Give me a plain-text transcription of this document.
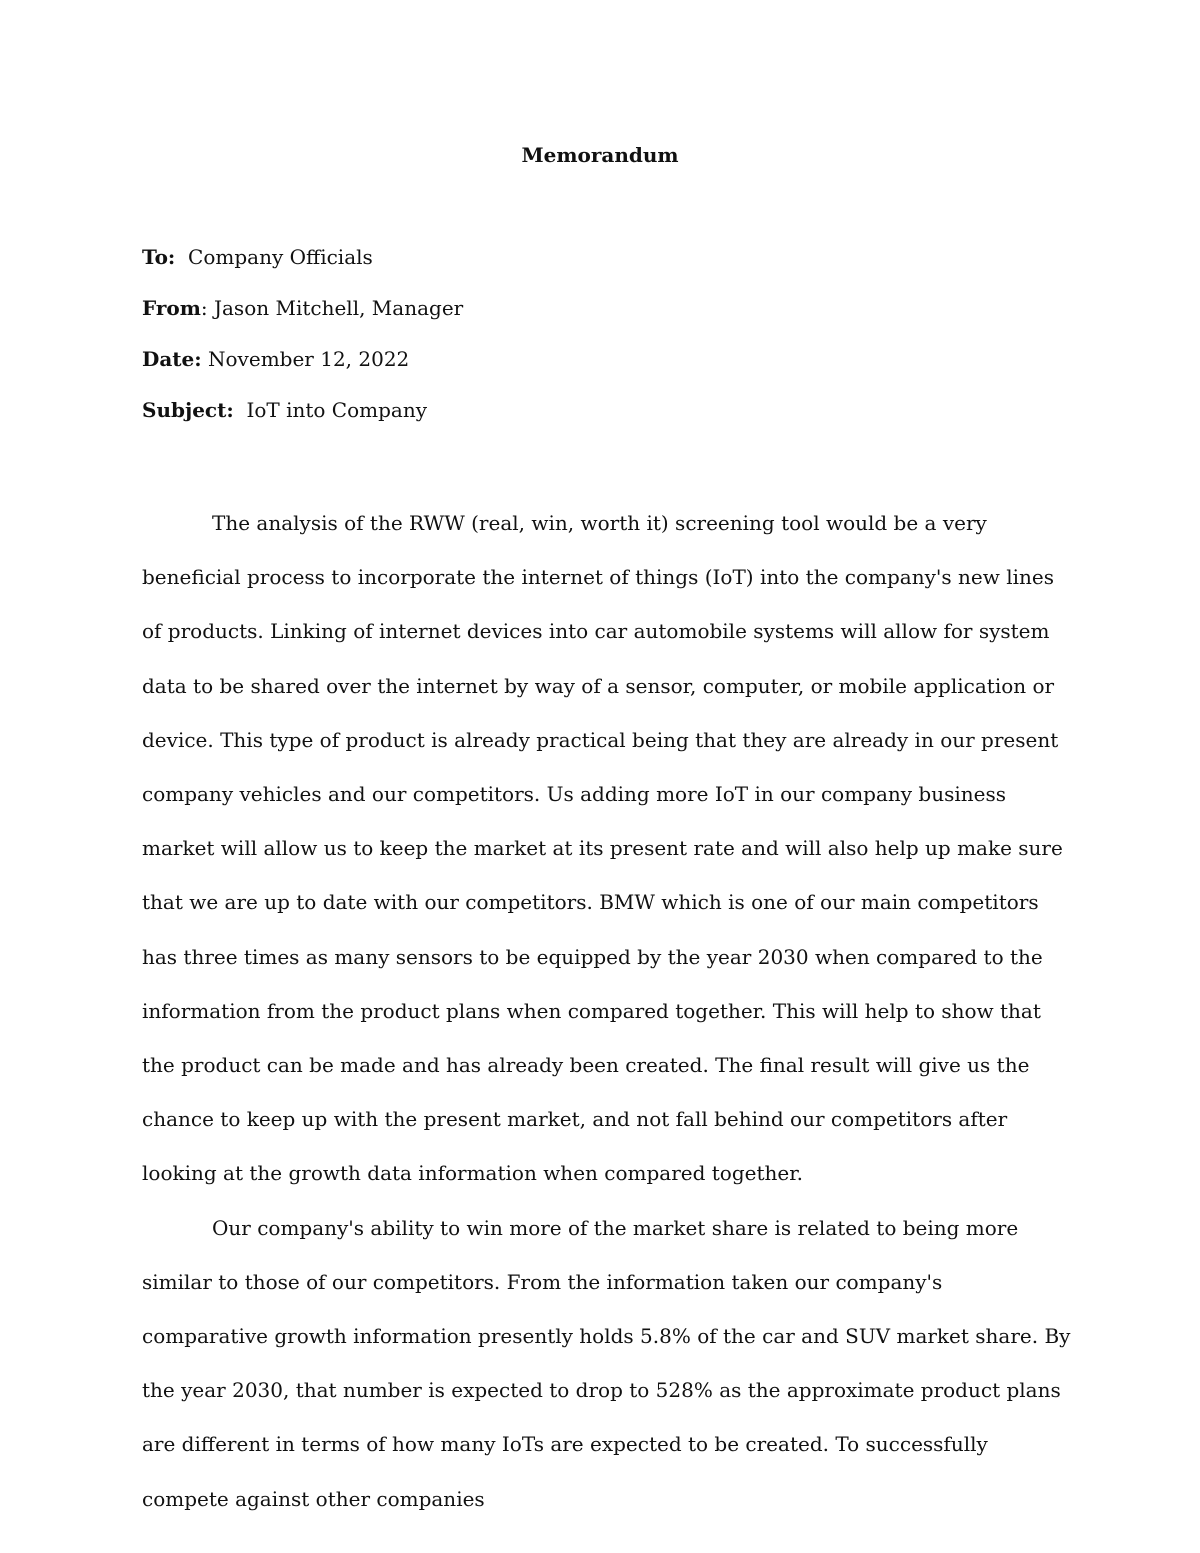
Memorandum
To: Company Officials
From: Jason Mitchell, Manager
Date: November 12, 2022
Subject: IoT into Company

The analysis of the RWW (real, win, worth it) screening tool would be a very beneficial process to incorporate the internet of things (IoT) into the company's new lines of products. Linking of internet devices into car automobile systems will allow for system data to be shared over the internet by way of a sensor, computer, or mobile application or device. This type of product is already practical being that they are already in our present company vehicles and our competitors. Us adding more IoT in our company business market will allow us to keep the market at its present rate and will also help up make sure that we are up to date with our competitors. BMW which is one of our main competitors has three times as many sensors to be equipped by the year 2030 when compared to the information from the product plans when compared together. This will help to show that the product can be made and has already been created. The final result will give us the chance to keep up with the present market, and not fall behind our competitors after looking at the growth data information when compared together.

Our company's ability to win more of the market share is related to being more similar to those of our competitors. From the information taken our company's comparative growth information presently holds 5.8% of the car and SUV market share. By the year 2030, that number is expected to drop to 528% as the approximate product plans are different in terms of how many IoTs are expected to be created. To successfully compete against other companies
